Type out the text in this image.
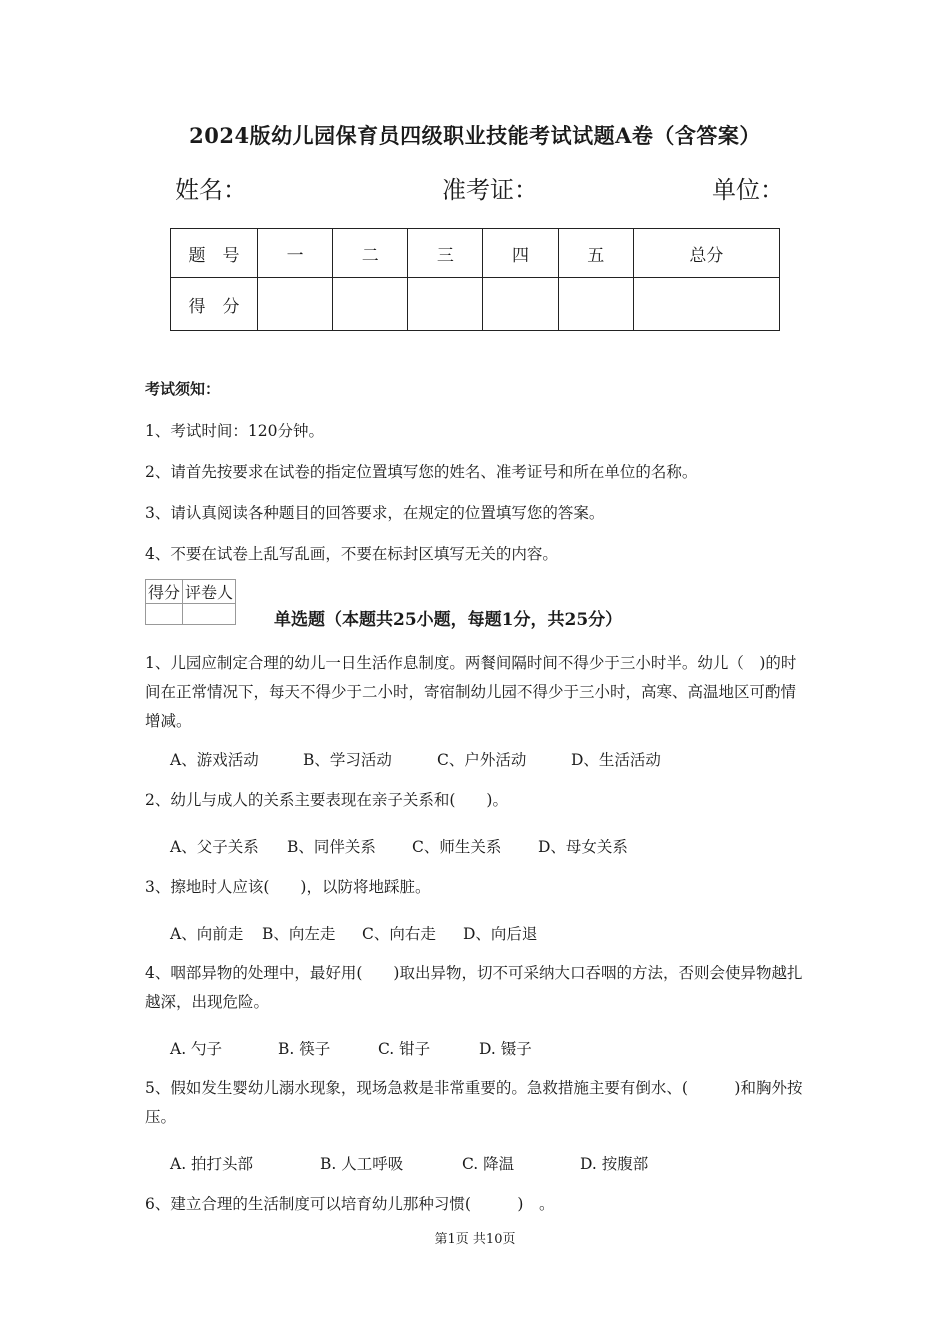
2024版幼儿园保育员四级职业技能考试试题A卷（含答案）
姓名：	准考证：	单位：
题　号	一	二	三	四	五	总分
得　分						
考试须知：
1、考试时间：120分钟。
2、请首先按要求在试卷的指定位置填写您的姓名、准考证号和所在单位的名称。
3、请认真阅读各种题目的回答要求，在规定的位置填写您的答案。
4、不要在试卷上乱写乱画，不要在标封区填写无关的内容。
得分	评卷人

单选题（本题共25小题，每题1分，共25分）
1、儿园应制定合理的幼儿一日生活作息制度。两餐间隔时间不得少于三小时半。幼儿（　)的时间在正常情况下，每天不得少于二小时，寄宿制幼儿园不得少于三小时，高寒、高温地区可酌情增减。
A、游戏活动	B、学习活动	C、户外活动	D、生活活动
2、幼儿与成人的关系主要表现在亲子关系和(　　)。
A、父子关系 B、同伴关系 C、师生关系 D、母女关系
3、擦地时人应该(　　)，以防将地踩脏。
A、向前走 B、向左走 C、向右走 D、向后退
4、咽部异物的处理中，最好用(　　)取出异物，切不可采纳大口吞咽的方法，否则会使异物越扎越深，出现危险。
A. 勺子	B. 筷子	C. 钳子	D. 镊子
5、假如发生婴幼儿溺水现象，现场急救是非常重要的。急救措施主要有倒水、(　　　)和胸外按压。
A. 拍打头部	B. 人工呼吸	C. 降温	D. 按腹部
6、建立合理的生活制度可以培育幼儿那种习惯(　　　)　。
第1页 共10页
